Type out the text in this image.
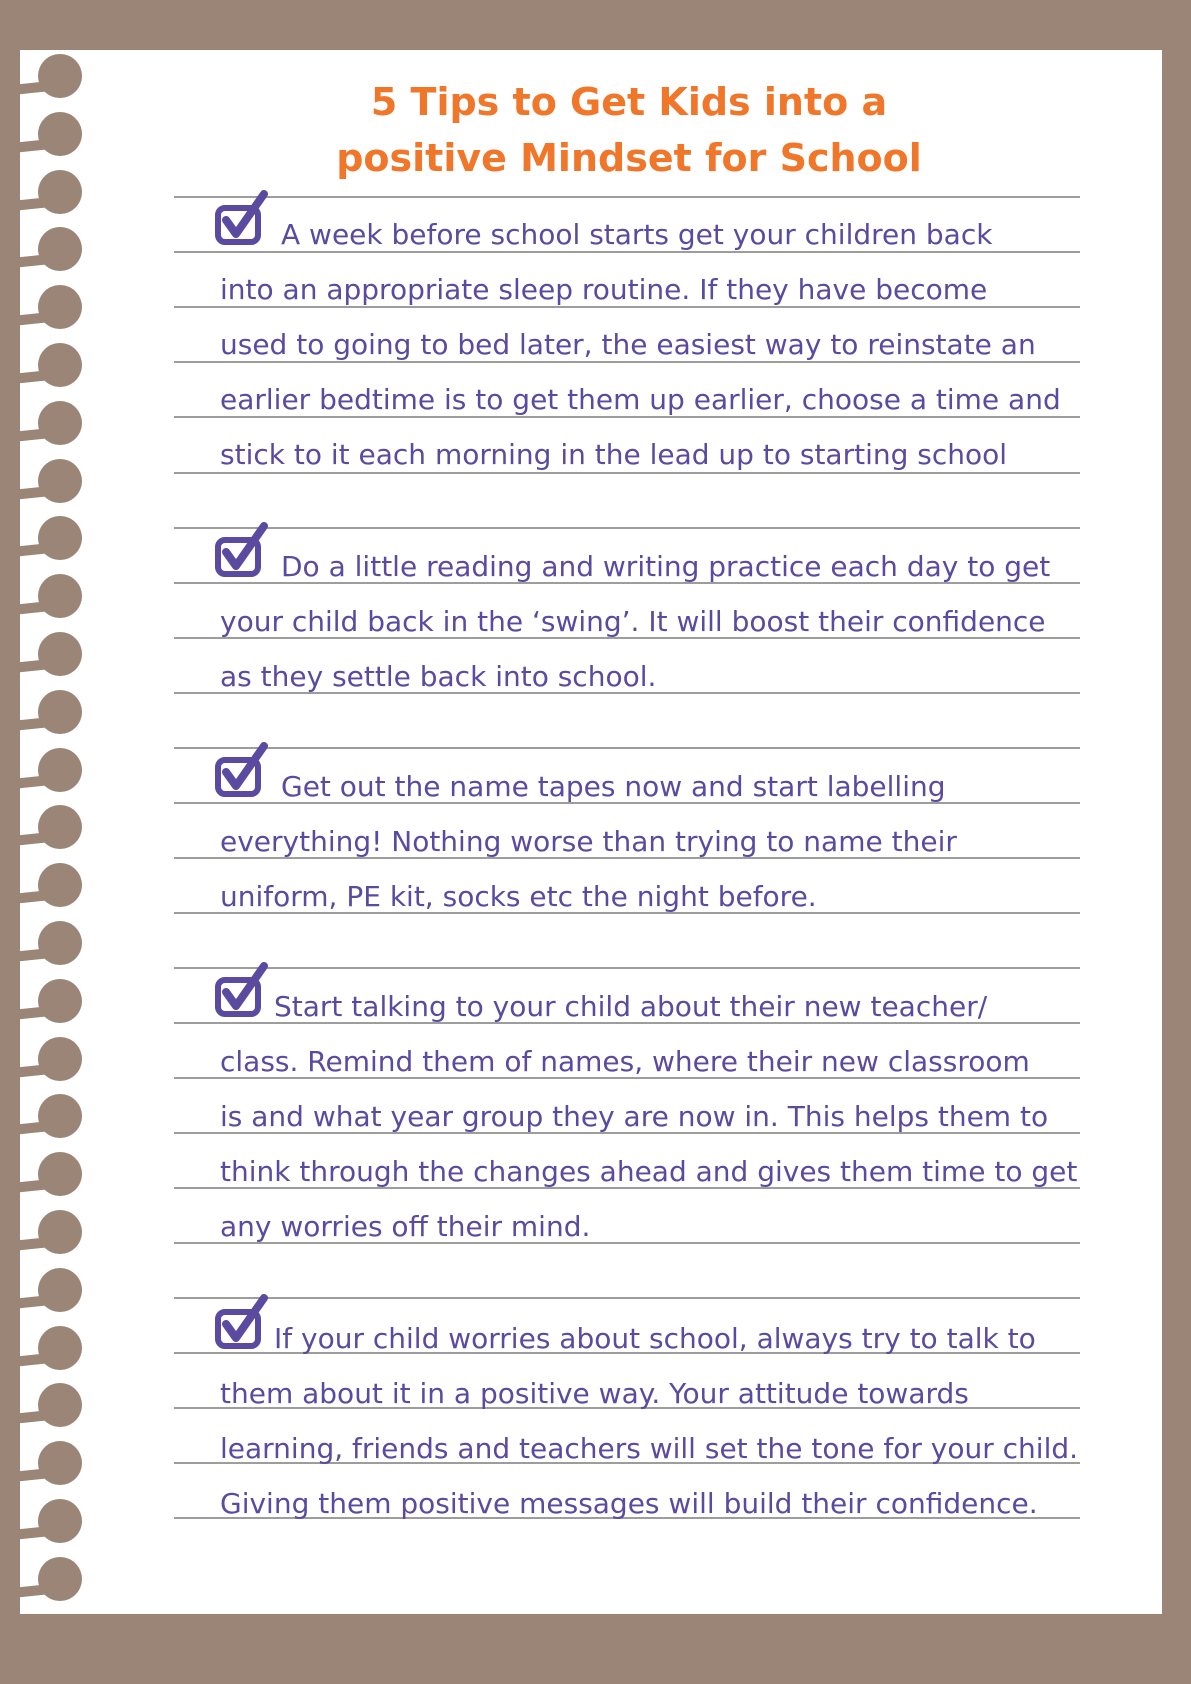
5 Tips to Get Kids into a
positive Mindset for School
A week before school starts get your children back
into an appropriate sleep routine. If they have become
used to going to bed later, the easiest way to reinstate an
earlier bedtime is to get them up earlier, choose a time and
stick to it each morning in the lead up to starting school
Do a little reading and writing practice each day to get
your child back in the ‘swing’. It will boost their confidence
as they settle back into school.
Get out the name tapes now and start labelling
everything! Nothing worse than trying to name their
uniform, PE kit, socks etc the night before.
Start talking to your child about their new teacher/
class. Remind them of names, where their new classroom
is and what year group they are now in. This helps them to
think through the changes ahead and gives them time to get
any worries off their mind.
If your child worries about school, always try to talk to
them about it in a positive way. Your attitude towards
learning, friends and teachers will set the tone for your child.
Giving them positive messages will build their confidence.
